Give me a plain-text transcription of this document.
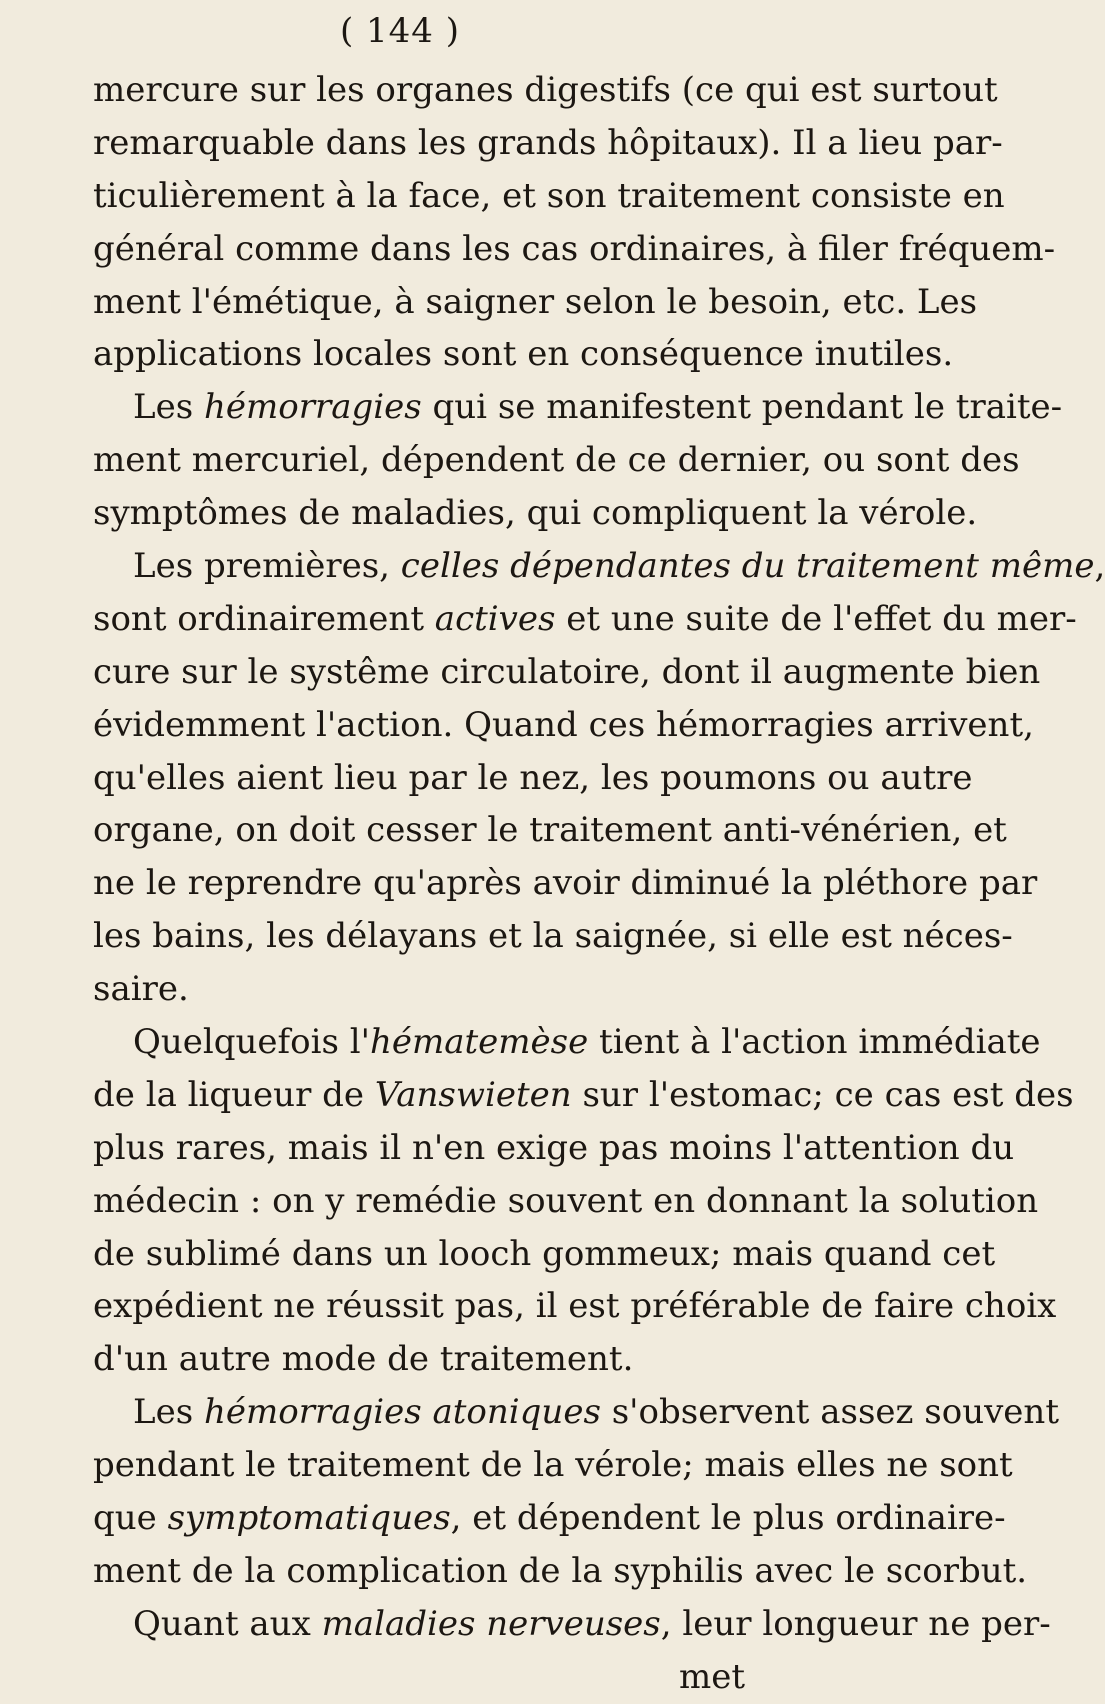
( 144 )
mercure sur les organes digestifs (ce qui est surtout
remarquable dans les grands hôpitaux). Il a lieu par-
ticulièrement à la face, et son traitement consiste en
général comme dans les cas ordinaires, à filer fréquem-
ment l'émétique, à saigner selon le besoin, etc. Les
applications locales sont en conséquence inutiles.
Les hémorragies qui se manifestent pendant le traite-
ment mercuriel, dépendent de ce dernier, ou sont des
symptômes de maladies, qui compliquent la vérole.
Les premières, celles dépendantes du traitement même,
sont ordinairement actives et une suite de l'effet du mer-
cure sur le systême circulatoire, dont il augmente bien
évidemment l'action. Quand ces hémorragies arrivent,
qu'elles aient lieu par le nez, les poumons ou autre
organe, on doit cesser le traitement anti-vénérien, et
ne le reprendre qu'après avoir diminué la pléthore par
les bains, les délayans et la saignée, si elle est néces-
saire.
Quelquefois l'hématemèse tient à l'action immédiate
de la liqueur de Vanswieten sur l'estomac; ce cas est des
plus rares, mais il n'en exige pas moins l'attention du
médecin : on y remédie souvent en donnant la solution
de sublimé dans un looch gommeux; mais quand cet
expédient ne réussit pas, il est préférable de faire choix
d'un autre mode de traitement.
Les hémorragies atoniques s'observent assez souvent
pendant le traitement de la vérole; mais elles ne sont
que symptomatiques, et dépendent le plus ordinaire-
ment de la complication de la syphilis avec le scorbut.
Quant aux maladies nerveuses, leur longueur ne per-
met
